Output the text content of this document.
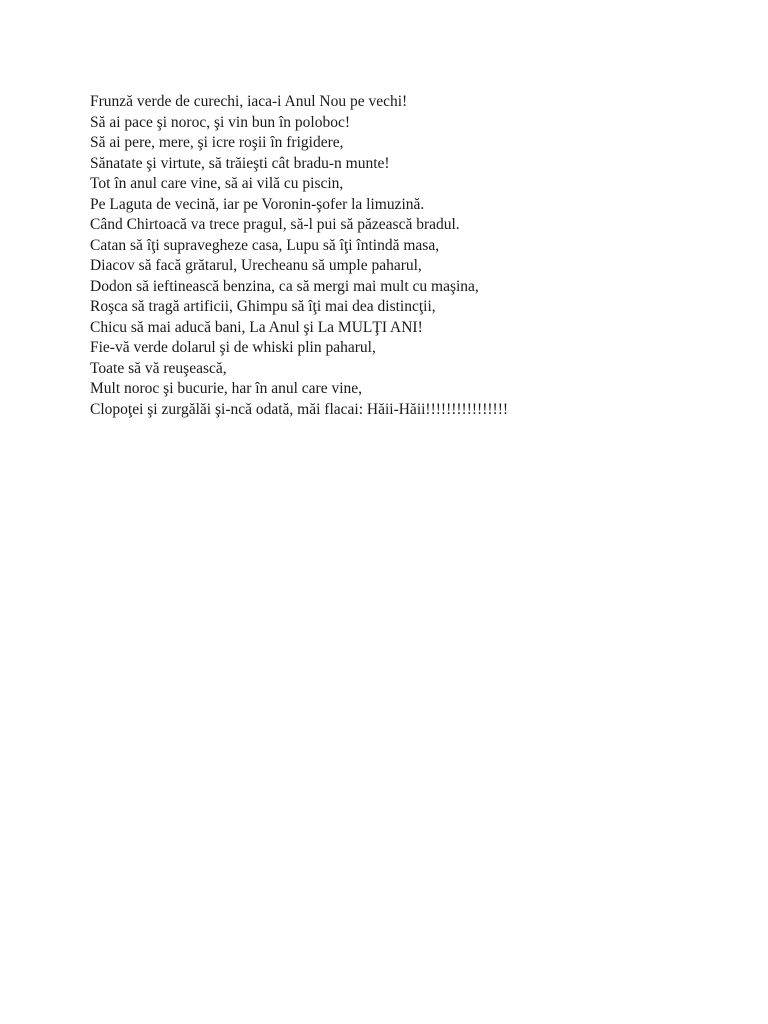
Frunză verde de curechi, iaca-i Anul Nou pe vechi!
Să ai pace şi noroc, şi vin bun în poloboc!
Să ai pere, mere, şi icre roşii în frigidere,
Sănatate şi virtute, să trăieşti cât bradu-n munte!
Tot în anul care vine, să ai vilă cu piscin,
Pe Laguta de vecină, iar pe Voronin-şofer la limuzină.
Când Chirtoacă va trece pragul, să-l pui să păzească bradul.
Catan să îţi supravegheze casa, Lupu să îţi întindă masa,
Diacov să facă grătarul, Urecheanu să umple paharul,
Dodon să ieftinească benzina, ca să mergi mai mult cu maşina,
Roşca să tragă artificii, Ghimpu să îţi mai dea distincţii,
Chicu să mai aducă bani, La Anul şi La MULŢI ANI!
Fie-vă verde dolarul şi de whiski plin paharul,
Toate să vă reuşească,
Mult noroc şi bucurie, har în anul care vine,
Clopoţei şi zurgălăi şi-ncă odată, măi flacai: Hăii-Hăii!!!!!!!!!!!!!!!!
